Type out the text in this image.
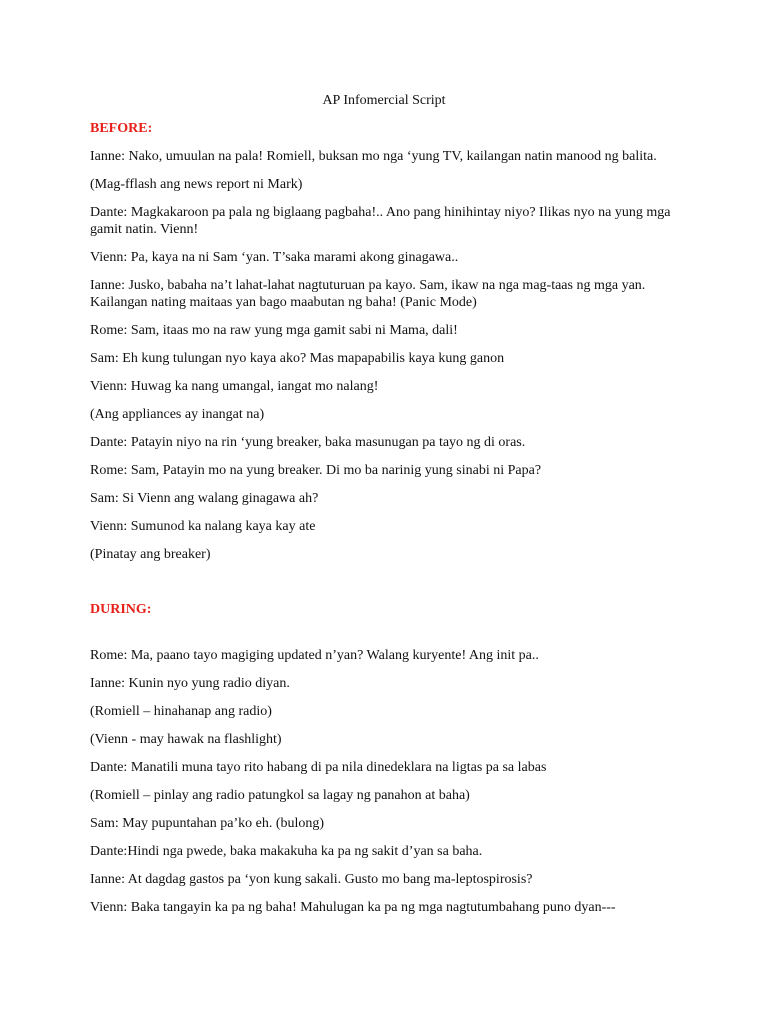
AP Infomercial Script

BEFORE:

Ianne: Nako, umuulan na pala! Romiell, buksan mo nga ‘yung TV, kailangan natin manood ng balita.

(Mag-fflash ang news report ni Mark)

Dante: Magkakaroon pa pala ng biglaang pagbaha!.. Ano pang hinihintay niyo? Ilikas nyo na yung mga gamit natin. Vienn!

Vienn: Pa, kaya na ni Sam ‘yan. T’saka marami akong ginagawa..

Ianne: Jusko, babaha na’t lahat-lahat nagtuturuan pa kayo. Sam, ikaw na nga mag-taas ng mga yan. Kailangan nating maitaas yan bago maabutan ng baha! (Panic Mode)

Rome: Sam, itaas mo na raw yung mga gamit sabi ni Mama, dali!

Sam: Eh kung tulungan nyo kaya ako? Mas mapapabilis kaya kung ganon

Vienn: Huwag ka nang umangal, iangat mo nalang!

(Ang appliances ay inangat na)

Dante: Patayin niyo na rin ‘yung breaker, baka masunugan pa tayo ng di oras.

Rome: Sam, Patayin mo na yung breaker. Di mo ba narinig yung sinabi ni Papa?

Sam: Si Vienn ang walang ginagawa ah?

Vienn: Sumunod ka nalang kaya kay ate

(Pinatay ang breaker)

DURING:

Rome: Ma, paano tayo magiging updated n’yan? Walang kuryente! Ang init pa..

Ianne: Kunin nyo yung radio diyan.

(Romiell – hinahanap ang radio)

(Vienn - may hawak na flashlight)

Dante: Manatili muna tayo rito habang di pa nila dinedeklara na ligtas pa sa labas

(Romiell – pinlay ang radio patungkol sa lagay ng panahon at baha)

Sam: May pupuntahan pa’ko eh. (bulong)

Dante:Hindi nga pwede, baka makakuha ka pa ng sakit d’yan sa baha.

Ianne: At dagdag gastos pa ‘yon kung sakali. Gusto mo bang ma-leptospirosis?

Vienn: Baka tangayin ka pa ng baha! Mahulugan ka pa ng mga nagtutumbahang puno dyan---
